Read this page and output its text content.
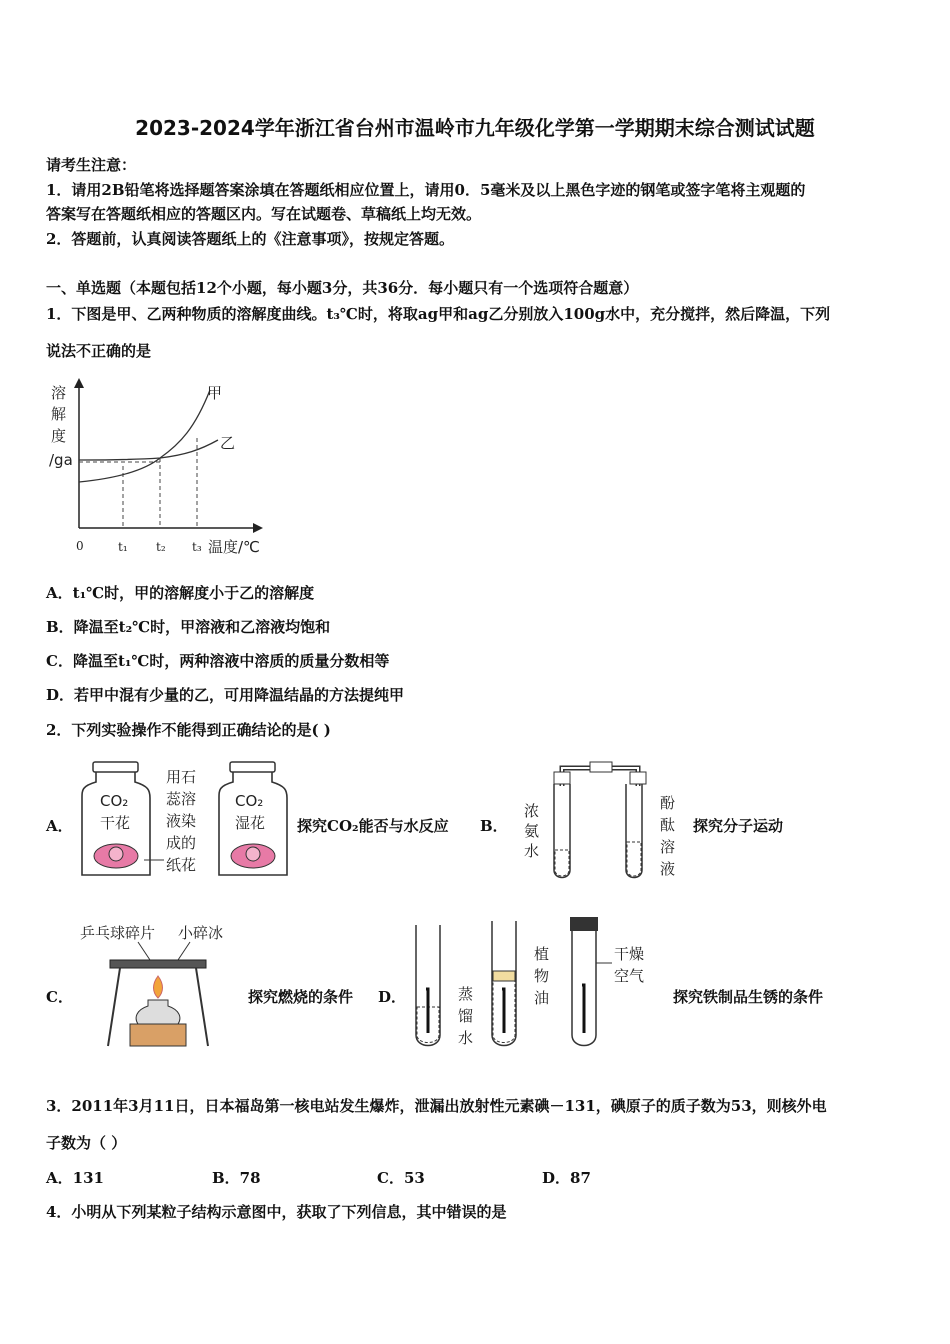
2023-2024学年浙江省台州市温岭市九年级化学第一学期期末综合测试试题
请考生注意：
1．请用2B铅笔将选择题答案涂填在答题纸相应位置上，请用0．5毫米及以上黑色字迹的钢笔或签字笔将主观题的
答案写在答题纸相应的答题区内。写在试题卷、草稿纸上均无效。
2．答题前，认真阅读答题纸上的《注意事项》，按规定答题。
一、单选题（本题包括12个小题，每小题3分，共36分．每小题只有一个选项符合题意）
1．下图是甲、乙两种物质的溶解度曲线。t₃℃时，将取ag甲和ag乙分别放入100g水中，充分搅拌，然后降温，下列
说法不正确的是
溶
解
度
/ga
0	t₁ t₂ t₃ 温度/℃
甲
乙
A．t₁℃时，甲的溶解度小于乙的溶解度
B．降温至t₂℃时，甲溶液和乙溶液均饱和
C．降温至t₁℃时，两种溶液中溶质的质量分数相等
D．若甲中混有少量的乙，可用降温结晶的方法提纯甲
2．下列实验操作不能得到正确结论的是( )
A．
CO₂
干花
CO₂
湿花
用石
蕊溶
液染
成的
纸花
探究CO₂能否与水反应 B．
浓
氨
水
酚
酞
溶
液
探究分子运动
C．
乒乓球碎片 小碎冰
探究燃烧的条件 D．	蒸
馏
水
植
物
油
干燥
空气
探究铁制品生锈的条件
3．2011年3月11日，日本福岛第一核电站发生爆炸，泄漏出放射性元素碘－131，碘原子的质子数为53，则核外电
子数为（ ）
A．131	B．78	C．53	D．87
4．小明从下列某粒子结构示意图中，获取了下列信息，其中错误的是
